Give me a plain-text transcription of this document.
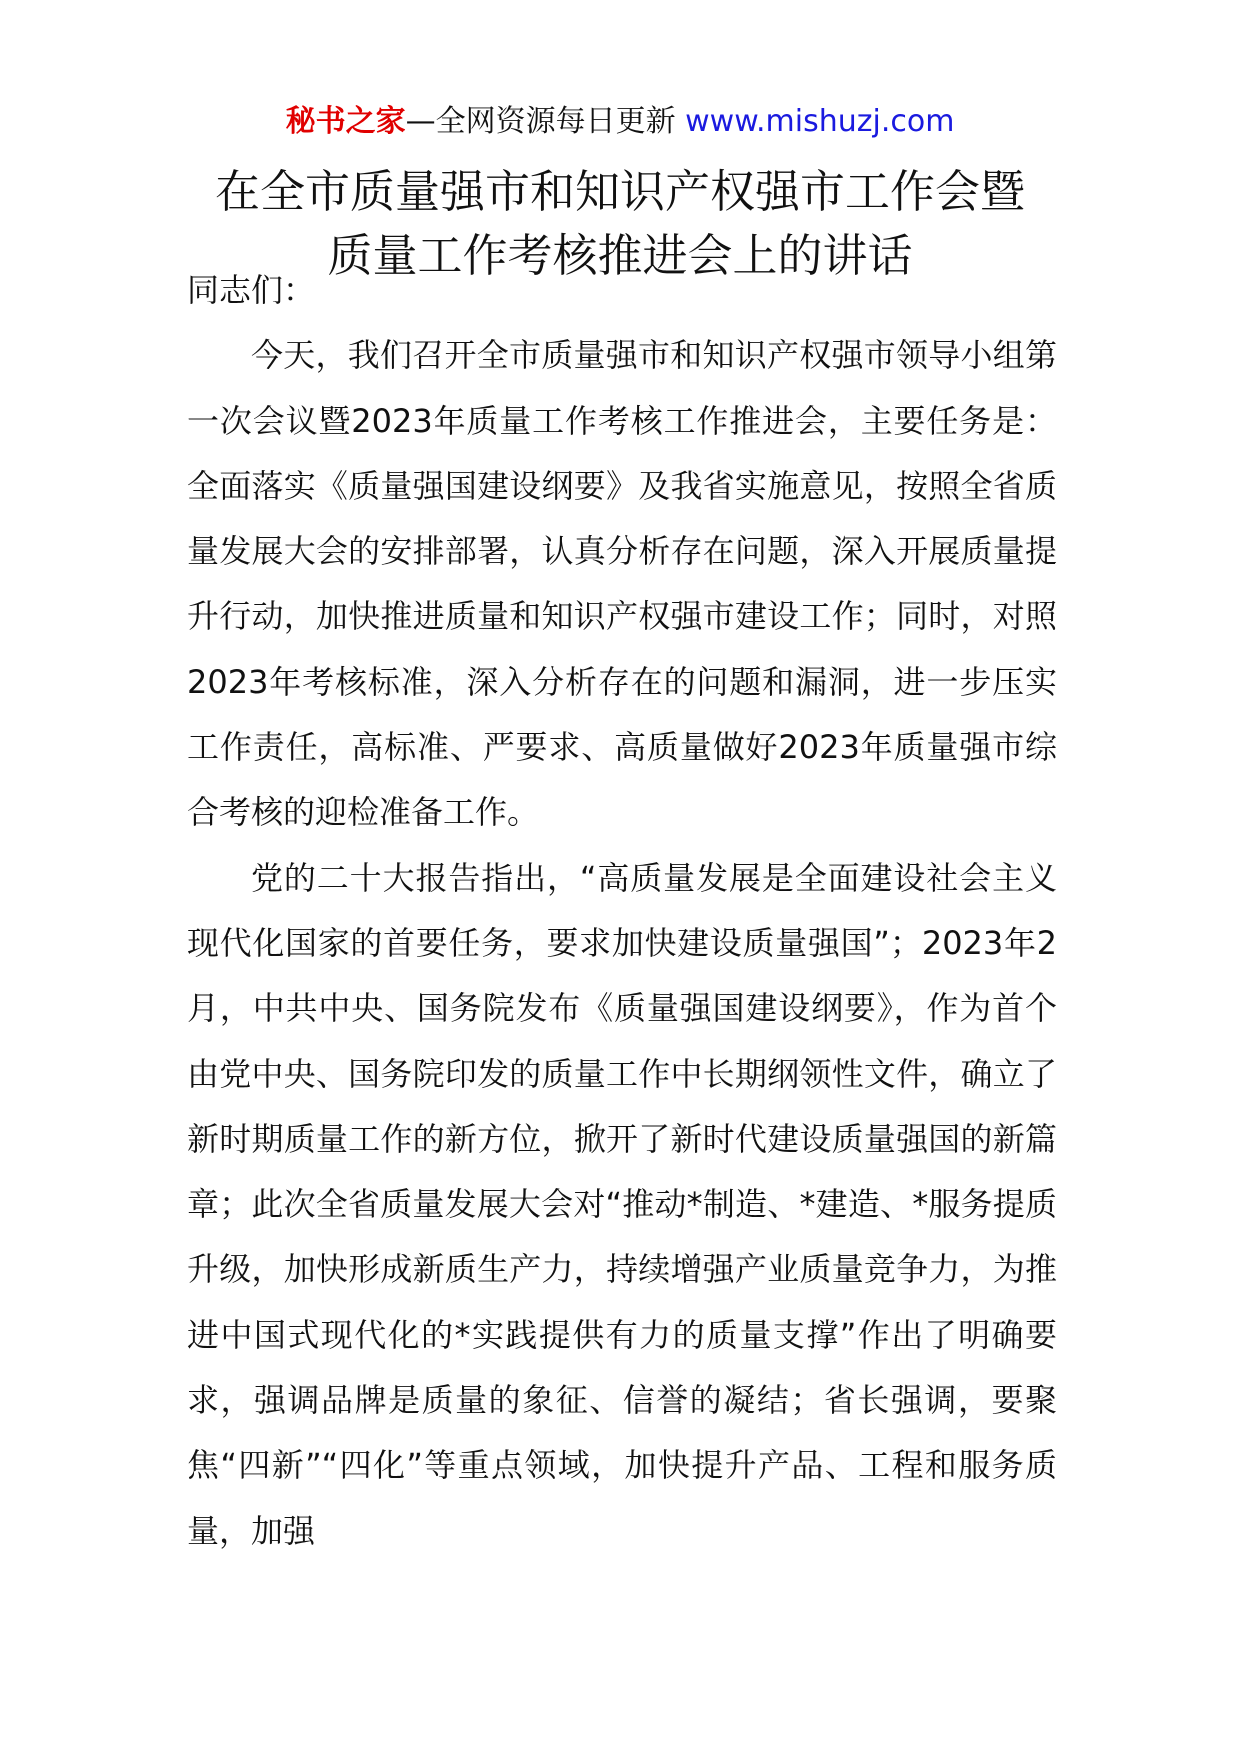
秘书之家—全网资源每日更新 www.mishuzj.com
在全市质量强市和知识产权强市工作会暨
质量工作考核推进会上的讲话

同志们：

今天，我们召开全市质量强市和知识产权强市领导小组第一次会议暨2023年质量工作考核工作推进会，主要任务是：全面落实《质量强国建设纲要》及我省实施意见，按照全省质量发展大会的安排部署，认真分析存在问题，深入开展质量提升行动，加快推进质量和知识产权强市建设工作；同时，对照2023年考核标准，深入分析存在的问题和漏洞，进一步压实工作责任，高标准、严要求、高质量做好2023年质量强市综合考核的迎检准备工作。

党的二十大报告指出，“高质量发展是全面建设社会主义现代化国家的首要任务，要求加快建设质量强国”；2023年2月，中共中央、国务院发布《质量强国建设纲要》，作为首个由党中央、国务院印发的质量工作中长期纲领性文件，确立了新时期质量工作的新方位，掀开了新时代建设质量强国的新篇章；此次全省质量发展大会对“推动*制造、*建造、*服务提质升级，加快形成新质生产力，持续增强产业质量竞争力，为推进中国式现代化的*实践提供有力的质量支撑”作出了明确要求，强调品牌是质量的象征、信誉的凝结；省长强调，要聚焦“四新”“四化”等重点领域，加快提升产品、工程和服务质量，加强
